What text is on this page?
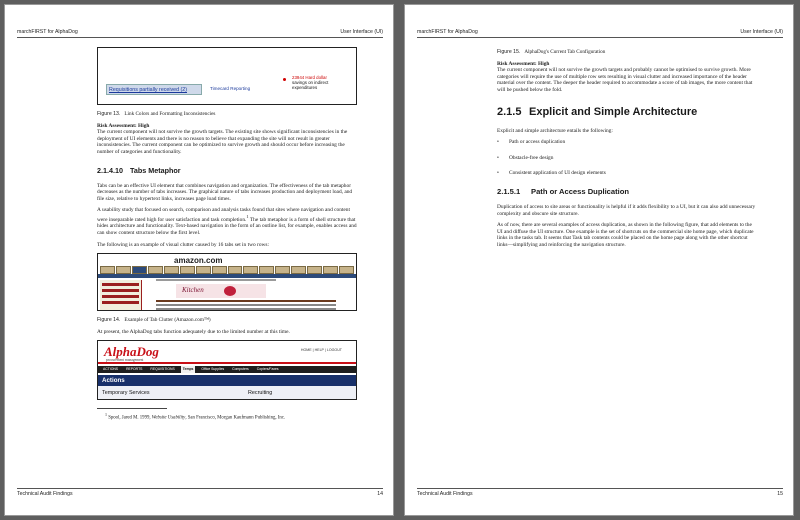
marchFIRST for AlphaDog	User Interface (UI)
Requisitions partially received (2)	Timecard Reporting
23944 Hard dollar
savings on indirect
expenditures
Figure 13. Link Colors and Formatting Inconsistencies
Risk Assessment: High
The current component will not survive the growth targets. The existing site shows significant inconsistencies in the deployment of UI elements and there is no reason to believe that expanding the site will not result in greater inconsistencies. The current component can be optimized to survive growth and should occur before increasing the number of categories and functionality.
2.1.4.10 Tabs Metaphor
Tabs can be an effective UI element that combines navigation and organization. The effectiveness of the tab metaphor decreases as the number of tabs increases. The graphical nature of tabs increases production and deployment load, and file size, relative to hypertext links, increases page load times.
A usability study that focused on search, comparison and analysis tasks found that sites where navigation and content were inseparable rated high for user satisfaction and task completion.$^1$ The tab metaphor is a form of shell structure that hides architecture and functionality. Text-based navigation in the form of an outline list, for example, enables access and can show content structure below the first level.
The following is an example of visual clutter caused by 16 tabs set in two rows:
amazon.com
Kitchen
Figure 14. Example of Tab Clutter (Amazon.com™)
At present, the AlphaDog tabs function adequately due to the limited number at this time.
AlphaDog
procurement management
HOME | HELP | LOGOUT
ACTIONS	REPORTS	REQUISITIONS	Temps	Office Supplies	Computers	Copiers/Faxes
Actions
Temporary Services	Recruiting
$^1$ Spool, Jared M. 1999, Website Usability, San Francisco, Morgan Kaufmann Publishing, Inc.
Technical Audit Findings	14
marchFIRST for AlphaDog	User Interface (UI)
Figure 15. AlphaDog's Current Tab Configuration
Risk Assessment: High
The current component will not survive the growth targets and probably cannot be optimised to survive growth. More categories will require the use of multiple row sets resulting in visual clutter and increased importance of the header material over the content. The deeper the header required to accommodate a score of tab images, the more content that will be pushed below the fold.
2.1.5 Explicit and Simple Architecture
Explicit and simple architecture entails the following:
• Path or access duplication
• Obstacle-free design
• Consistent application of UI design elements
2.1.5.1 Path or Access Duplication
Duplication of access to site areas or functionality is helpful if it adds flexibility to a UI, but it can also add unnecessary complexity and obscure site structure.
As of now, there are several examples of access duplication, as shown in the following figure, that add elements to the UI and diffuse the UI structure. One example is the set of shortcuts on the commercial site home page, which duplicate links in the tasks tab. It seems that Task tab contents could be placed on the home page along with the other shortcut links—simplifying and reinforcing the navigation structure.
Technical Audit Findings	15
